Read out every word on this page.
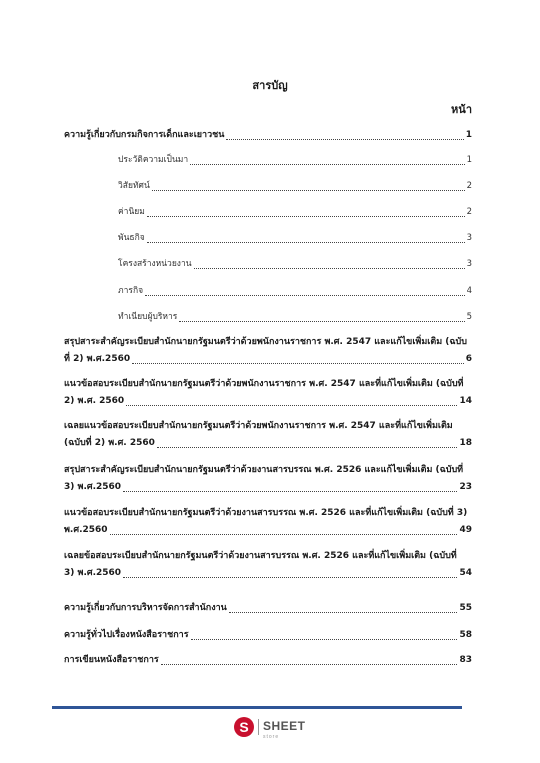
สารบัญ
หน้า
ความรู้เกี่ยวกับกรมกิจการเด็กและเยาวชน	1
ประวัติความเป็นมา	1
วิสัยทัศน์	2
ค่านิยม	2
พันธกิจ	3
โครงสร้างหน่วยงาน	3
ภารกิจ	4
ทำเนียบผู้บริหาร	5
สรุปสาระสำคัญระเบียบสำนักนายกรัฐมนตรีว่าด้วยพนักงานราชการ พ.ศ. 2547 และแก้ไขเพิ่มเติม (ฉบับ
ที่ 2) พ.ศ.2560	6
แนวข้อสอบระเบียบสำนักนายกรัฐมนตรีว่าด้วยพนักงานราชการ พ.ศ. 2547 และที่แก้ไขเพิ่มเติม (ฉบับที่
2) พ.ศ. 2560	14
เฉลยแนวข้อสอบระเบียบสำนักนายกรัฐมนตรีว่าด้วยพนักงานราชการ พ.ศ. 2547 และที่แก้ไขเพิ่มเติม
(ฉบับที่ 2) พ.ศ. 2560	18
สรุปสาระสำคัญระเบียบสำนักนายกรัฐมนตรีว่าด้วยงานสารบรรณ พ.ศ. 2526 และแก้ไขเพิ่มเติม (ฉบับที่
3) พ.ศ.2560	23
แนวข้อสอบระเบียบสำนักนายกรัฐมนตรีว่าด้วยงานสารบรรณ พ.ศ. 2526 และที่แก้ไขเพิ่มเติม (ฉบับที่ 3)
พ.ศ.2560	49
เฉลยข้อสอบระเบียบสำนักนายกรัฐมนตรีว่าด้วยงานสารบรรณ พ.ศ. 2526 และที่แก้ไขเพิ่มเติม (ฉบับที่
3) พ.ศ.2560	54
ความรู้เกี่ยวกับการบริหารจัดการสำนักงาน	55
ความรู้ทั่วไปเรื่องหนังสือราชการ	58
การเขียนหนังสือราชการ	83
S SHEET
store
